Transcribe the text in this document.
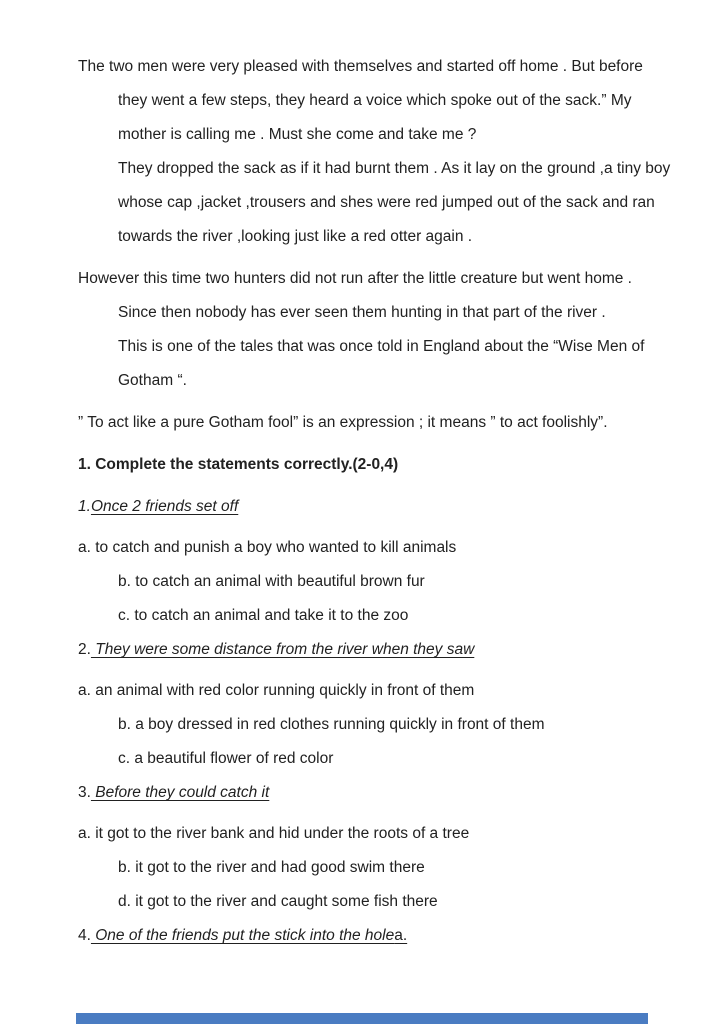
The two men were very pleased with themselves and started off home . But before
they went a few steps, they heard a voice which spoke out of the sack.” My
mother is calling me . Must she come and take me ?
They dropped the sack as if it had burnt them . As it lay on the ground ,a tiny boy
whose cap ,jacket ,trousers and shes were red jumped out of the sack and ran
towards the river ,looking just like a red otter again .
However this time two hunters did not run after the little creature but went home .
Since then nobody has ever seen them hunting in that part of the river .
This is one of the tales that was once told in England about the “Wise Men of
Gotham “.
” To act like a pure Gotham fool” is an expression ; it means ” to act foolishly”.
1. Complete the statements correctly.(2-0,4)
1.Once 2 friends set off
a. to catch and punish a boy who wanted to kill animals
b. to catch an animal with beautiful brown fur
c. to catch an animal and take it to the zoo
2. They were some distance from the river when they saw
a. an animal with red color running quickly in front of them
b. a boy dressed in red clothes running quickly in front of them
c. a beautiful flower of red color
3. Before they could catch it
a. it got to the river bank and hid under the roots of a tree
b. it got to the river and had good swim there
d. it got to the river and caught some fish there
4. One of the friends put the stick into the holea.
